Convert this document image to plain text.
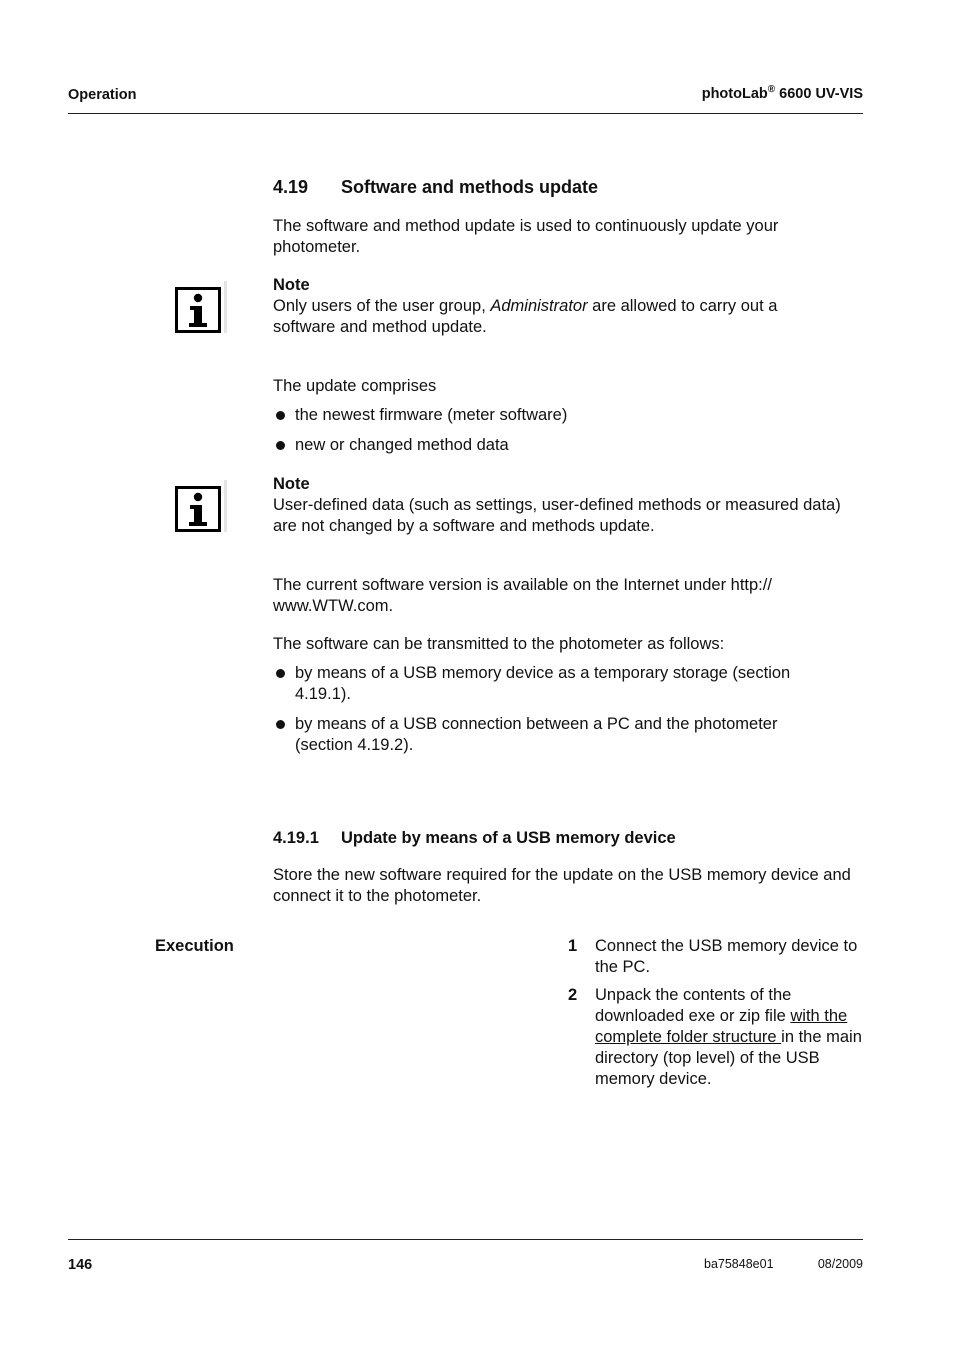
Operation	photoLab® 6600 UV-VIS
4.19 Software and methods update
The software and method update is used to continuously update your photometer.
Note
Only users of the user group, Administrator are allowed to carry out a software and method update.
The update comprises
the newest firmware (meter software)
new or changed method data
Note
User-defined data (such as settings, user-defined methods or measured data) are not changed by a software and methods update.
The current software version is available on the Internet under http:// www.WTW.com.
The software can be transmitted to the photometer as follows:
by means of a USB memory device as a temporary storage (section 4.19.1).
by means of a USB connection between a PC and the photometer (section 4.19.2).
4.19.1 Update by means of a USB memory device
Store the new software required for the update on the USB memory device and connect it to the photometer.
Execution	1 Connect the USB memory device to the PC.
2 Unpack the contents of the downloaded exe or zip file with the complete folder structure in the main directory (top level) of the USB memory device.
146	ba75848e01	08/2009
